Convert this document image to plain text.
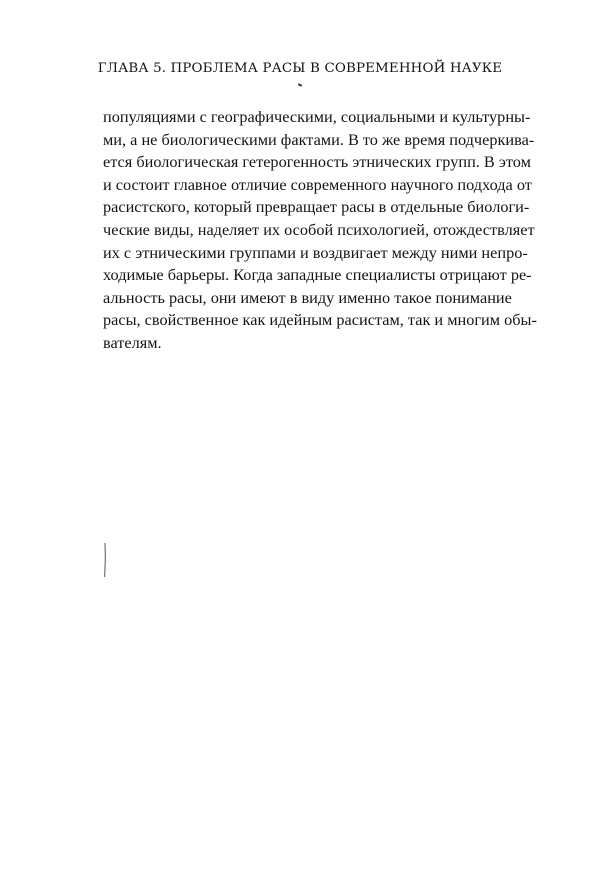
ГЛАВА 5. ПРОБЛЕМА РАСЫ В СОВРЕМЕННОЙ НАУКЕ
популяциями с географическими, социальными и культурны-
ми, а не биологическими фактами. В то же время подчеркива-
ется биологическая гетерогенность этнических групп. В этом
и состоит главное отличие современного научного подхода от
расистского, который превращает расы в отдельные биологи-
ческие виды, наделяет их особой психологией, отождествляет
их с этническими группами и воздвигает между ними непро-
ходимые барьеры. Когда западные специалисты отрицают ре-
альность расы, они имеют в виду именно такое понимание
расы, свойственное как идейным расистам, так и многим обы-
вателям.
